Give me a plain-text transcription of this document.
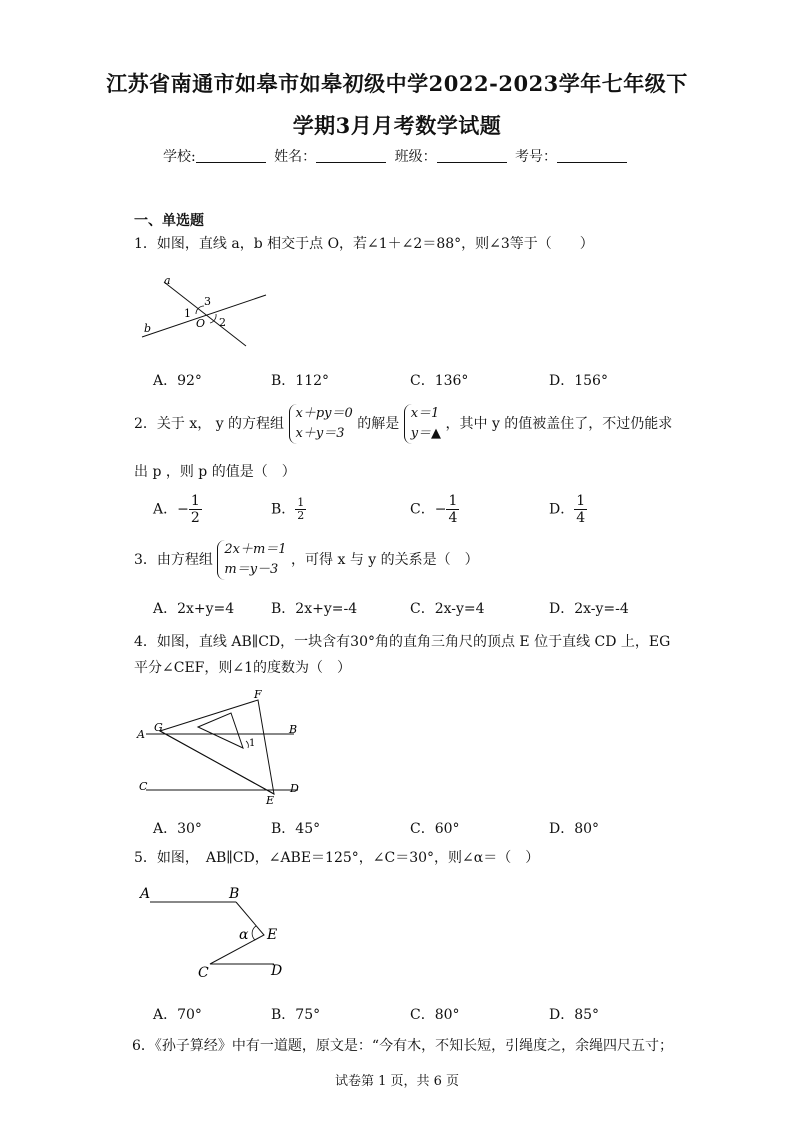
江苏省南通市如皋市如皋初级中学2022-2023学年七年级下
学期3月月考数学试题
学校:	姓名：	班级：	考号：
一、单选题
1．如图，直线 a，b 相交于点 O，若∠1＋∠2＝88°，则∠3等于（　　）
a
b
1
3
O 2
A．92°	B．112°	C．136°	D．156°
2．关于 x， y 的方程组
x＋py＝0
x＋y＝3
的解是
x＝1
y＝▲
，其中 y 的值被盖住了，不过仍能求
出 p ，则 p 的值是（　）
A．− $\frac{1}{2}$	B． $\frac{1}{2}$	C．− $\frac{1}{4}$	D． $\frac{1}{4}$
3．由方程组
2x＋m＝1
m＝y－3
，可得 x 与 y 的关系是（　）
A．2x+y=4	B．2x+y=-4	C．2x-y=4	D．2x-y=-4
4．如图，直线 AB∥CD，一块含有30°角的直角三角尺的顶点 E 位于直线 CD 上，EG
平分∠CEF，则∠1的度数为（　）
F
G
A	B
1
C	D
E
A．30°	B．45°	C．60°	D．80°
5．如图，　AB∥CD，∠ABE＝125°，∠C＝30°，则∠α＝（　）
A	B
α E
C	D
A．70°	B．75°	C．80°	D．85°
6．《孙子算经》中有一道题，原文是：“今有木，不知长短，引绳度之，余绳四尺五寸；
试卷第 1 页，共 6 页
